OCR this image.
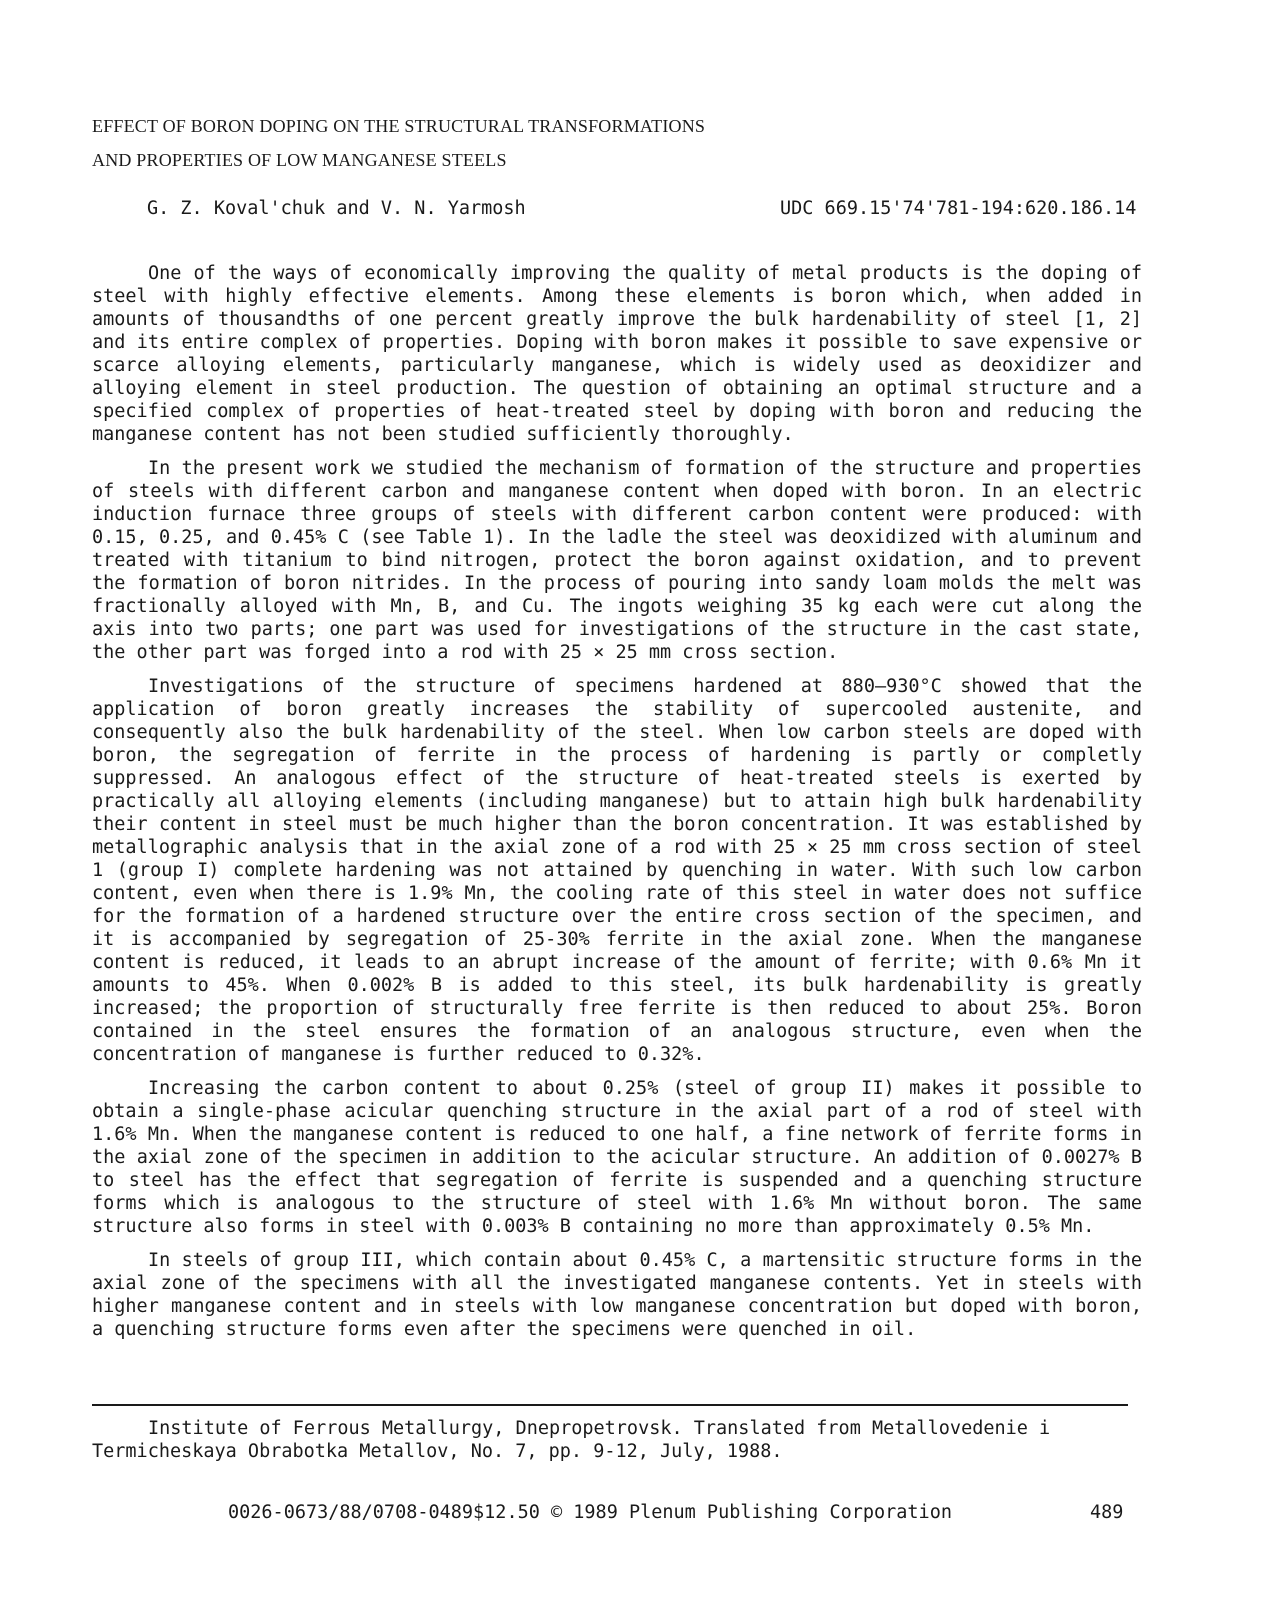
EFFECT OF BORON DOPING ON THE STRUCTURAL TRANSFORMATIONS
AND PROPERTIES OF LOW MANGANESE STEELS
G. Z. Koval'chuk and V. N. Yarmosh	UDC 669.15'74'781-194:620.186.14

One of the ways of economically improving the quality of metal products is the doping of steel with highly effective elements. Among these elements is boron which, when added in amounts of thousandths of one percent greatly improve the bulk hardenability of steel [1, 2] and its entire complex of properties. Doping with boron makes it possible to save expensive or scarce alloying elements, particularly manganese, which is widely used as deoxidizer and alloying element in steel production. The question of obtaining an optimal structure and a specified complex of properties of heat-treated steel by doping with boron and reducing the manganese content has not been studied sufficiently thoroughly.

In the present work we studied the mechanism of formation of the structure and properties of steels with different carbon and manganese content when doped with boron. In an electric induction furnace three groups of steels with different carbon content were produced: with 0.15, 0.25, and 0.45% C (see Table 1). In the ladle the steel was deoxidized with aluminum and treated with titanium to bind nitrogen, protect the boron against oxidation, and to prevent the formation of boron nitrides. In the process of pouring into sandy loam molds the melt was fractionally alloyed with Mn, B, and Cu. The ingots weighing 35 kg each were cut along the axis into two parts; one part was used for investigations of the structure in the cast state, the other part was forged into a rod with 25 × 25 mm cross section.

Investigations of the structure of specimens hardened at 880–930°C showed that the application of boron greatly increases the stability of supercooled austenite, and consequently also the bulk hardenability of the steel. When low carbon steels are doped with boron, the segregation of ferrite in the process of hardening is partly or completly suppressed. An analogous effect of the structure of heat-treated steels is exerted by practically all alloying elements (including manganese) but to attain high bulk hardenability their content in steel must be much higher than the boron concentration. It was established by metallographic analysis that in the axial zone of a rod with 25 × 25 mm cross section of steel 1 (group I) complete hardening was not attained by quenching in water. With such low carbon content, even when there is 1.9% Mn, the cooling rate of this steel in water does not suffice for the formation of a hardened structure over the entire cross section of the specimen, and it is accompanied by segregation of 25-30% ferrite in the axial zone. When the manganese content is reduced, it leads to an abrupt increase of the amount of ferrite; with 0.6% Mn it amounts to 45%. When 0.002% B is added to this steel, its bulk hardenability is greatly increased; the proportion of structurally free ferrite is then reduced to about 25%. Boron contained in the steel ensures the formation of an analogous structure, even when the concentration of manganese is further reduced to 0.32%.

Increasing the carbon content to about 0.25% (steel of group II) makes it possible to obtain a single-phase acicular quenching structure in the axial part of a rod of steel with 1.6% Mn. When the manganese content is reduced to one half, a fine network of ferrite forms in the axial zone of the specimen in addition to the acicular structure. An addition of 0.0027% B to steel has the effect that segregation of ferrite is suspended and a quenching structure forms which is analogous to the structure of steel with 1.6% Mn without boron. The same structure also forms in steel with 0.003% B containing no more than approximately 0.5% Mn.

In steels of group III, which contain about 0.45% C, a martensitic structure forms in the axial zone of the specimens with all the investigated manganese contents. Yet in steels with higher manganese content and in steels with low manganese concentration but doped with boron, a quenching structure forms even after the specimens were quenched in oil.

Institute of Ferrous Metallurgy, Dnepropetrovsk. Translated from Metallovedenie i Termicheskaya Obrabotka Metallov, No. 7, pp. 9-12, July, 1988.

0026-0673/88/0708-0489$12.50 © 1989 Plenum Publishing Corporation	489
